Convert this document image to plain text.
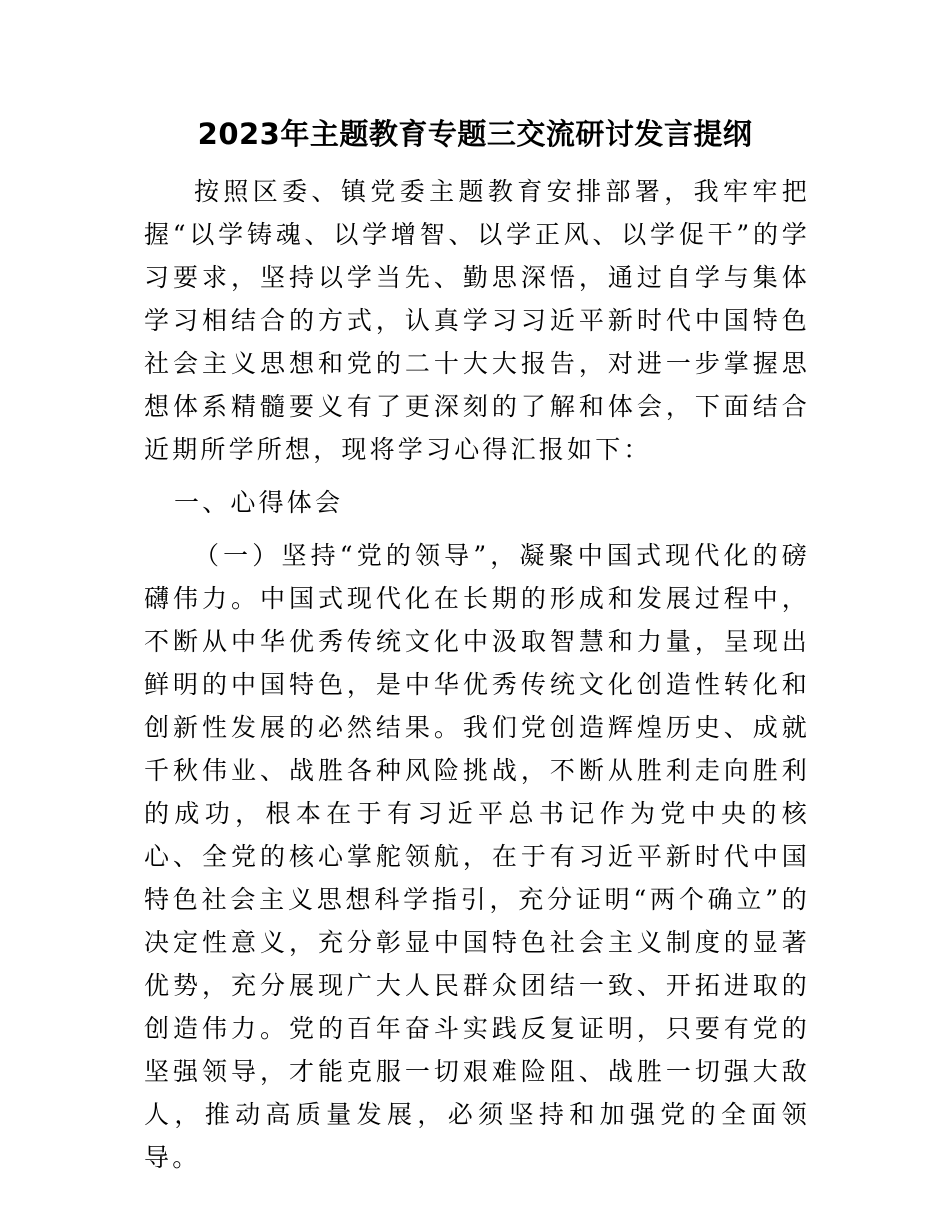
2023年主题教育专题三交流研讨发言提纲

按照区委、镇党委主题教育安排部署，我牢牢把握“以学铸魂、以学增智、以学正风、以学促干”的学习要求，坚持以学当先、勤思深悟，通过自学与集体学习相结合的方式，认真学习习近平新时代中国特色社会主义思想和党的二十大大报告，对进一步掌握思想体系精髓要义有了更深刻的了解和体会，下面结合近期所学所想，现将学习心得汇报如下：

一、心得体会

（一）坚持“党的领导”，凝聚中国式现代化的磅礴伟力。中国式现代化在长期的形成和发展过程中，不断从中华优秀传统文化中汲取智慧和力量，呈现出鲜明的中国特色，是中华优秀传统文化创造性转化和创新性发展的必然结果。我们党创造辉煌历史、成就千秋伟业、战胜各种风险挑战，不断从胜利走向胜利的成功，根本在于有习近平总书记作为党中央的核心、全党的核心掌舵领航，在于有习近平新时代中国特色社会主义思想科学指引，充分证明“两个确立”的决定性意义，充分彰显中国特色社会主义制度的显著优势，充分展现广大人民群众团结一致、开拓进取的创造伟力。党的百年奋斗实践反复证明，只要有党的坚强领导，才能克服一切艰难险阻、战胜一切强大敌人，推动高质量发展，必须坚持和加强党的全面领导。
